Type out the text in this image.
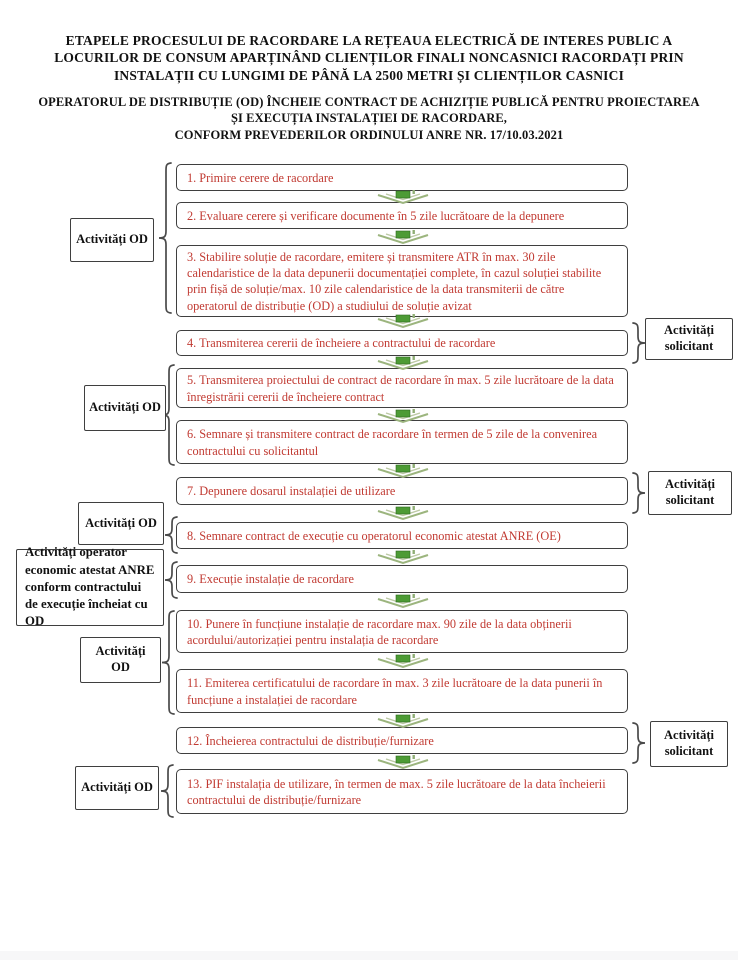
ETAPELE PROCESULUI DE RACORDARE LA REȚEAUA ELECTRICĂ DE INTERES PUBLIC A
LOCURILOR DE CONSUM APARȚINÂND CLIENȚILOR FINALI NONCASNICI RACORDAȚI PRIN
INSTALAȚII CU LUNGIMI DE PÂNĂ LA 2500 METRI ȘI CLIENȚILOR CASNICI
OPERATORUL DE DISTRIBUȚIE (OD) ÎNCHEIE CONTRACT DE ACHIZIȚIE PUBLICĂ PENTRU PROIECTAREA
ȘI EXECUȚIA INSTALAȚIEI DE RACORDARE,
CONFORM PREVEDERILOR ORDINULUI ANRE NR. 17/10.03.2021
1. Primire cerere de racordare
2. Evaluare cerere și verificare documente în 5 zile lucrătoare de la depunere
3. Stabilire soluție de racordare, emitere și transmitere ATR în max. 30 zile calendaristice de la data depunerii documentației complete, în cazul soluției stabilite prin fișă de soluție/max. 10 zile calendaristice de la data transmiterii de către operatorul de distribuție (OD) a studiului de soluție avizat
4. Transmiterea cererii de încheiere a contractului de racordare
5. Transmiterea proiectului de contract de racordare în max. 5 zile lucrătoare de la data înregistrării cererii de încheiere contract
6. Semnare și transmitere contract de racordare în termen de 5 zile de la convenirea contractului cu solicitantul
7. Depunere dosarul instalației de utilizare
8. Semnare contract de execuție cu operatorul economic atestat ANRE (OE)
9. Execuție instalație de racordare
10. Punere în funcțiune instalație de racordare max. 90 zile de la data obținerii acordului/autorizației pentru instalația de racordare
11. Emiterea certificatului de racordare în max. 3 zile lucrătoare de la data punerii în funcțiune a instalației de racordare
12. Încheierea contractului de distribuție/furnizare
13. PIF instalația de utilizare, în termen de max. 5 zile lucrătoare de la data încheierii contractului de distribuție/furnizare
Activități OD
Activități solicitant
Activități OD
Activități solicitant
Activități OD
Activități operator economic atestat ANRE conform contractului de execuție încheiat cu OD
Activități OD
Activități solicitant
Activități OD
